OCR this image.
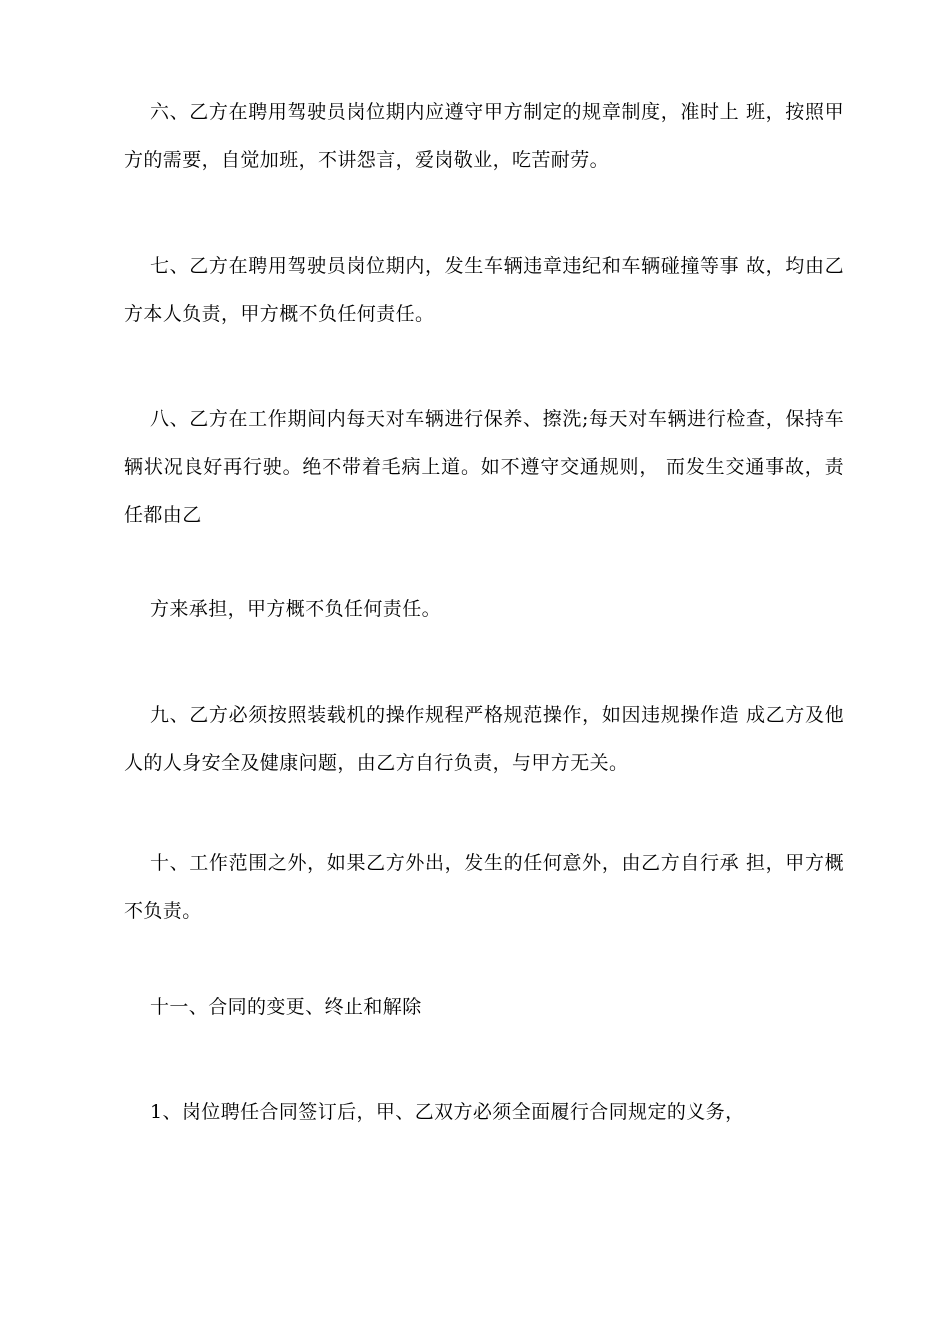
六、乙方在聘用驾驶员岗位期内应遵守甲方制定的规章制度，准时上 班，按照甲方的需要，自觉加班，不讲怨言，爱岗敬业，吃苦耐劳。

七、乙方在聘用驾驶员岗位期内，发生车辆违章违纪和车辆碰撞等事 故，均由乙方本人负责，甲方概不负任何责任。

八、乙方在工作期间内每天对车辆进行保养、擦洗;每天对车辆进行检查，保持车辆状况良好再行驶。绝不带着毛病上道。如不遵守交通规则， 而发生交通事故，责任都由乙

方来承担，甲方概不负任何责任。

九、乙方必须按照装载机的操作规程严格规范操作，如因违规操作造 成乙方及他人的人身安全及健康问题，由乙方自行负责，与甲方无关。

十、工作范围之外，如果乙方外出，发生的任何意外，由乙方自行承 担，甲方概不负责。

十一、合同的变更、终止和解除

1、岗位聘任合同签订后，甲、乙双方必须全面履行合同规定的义务，
